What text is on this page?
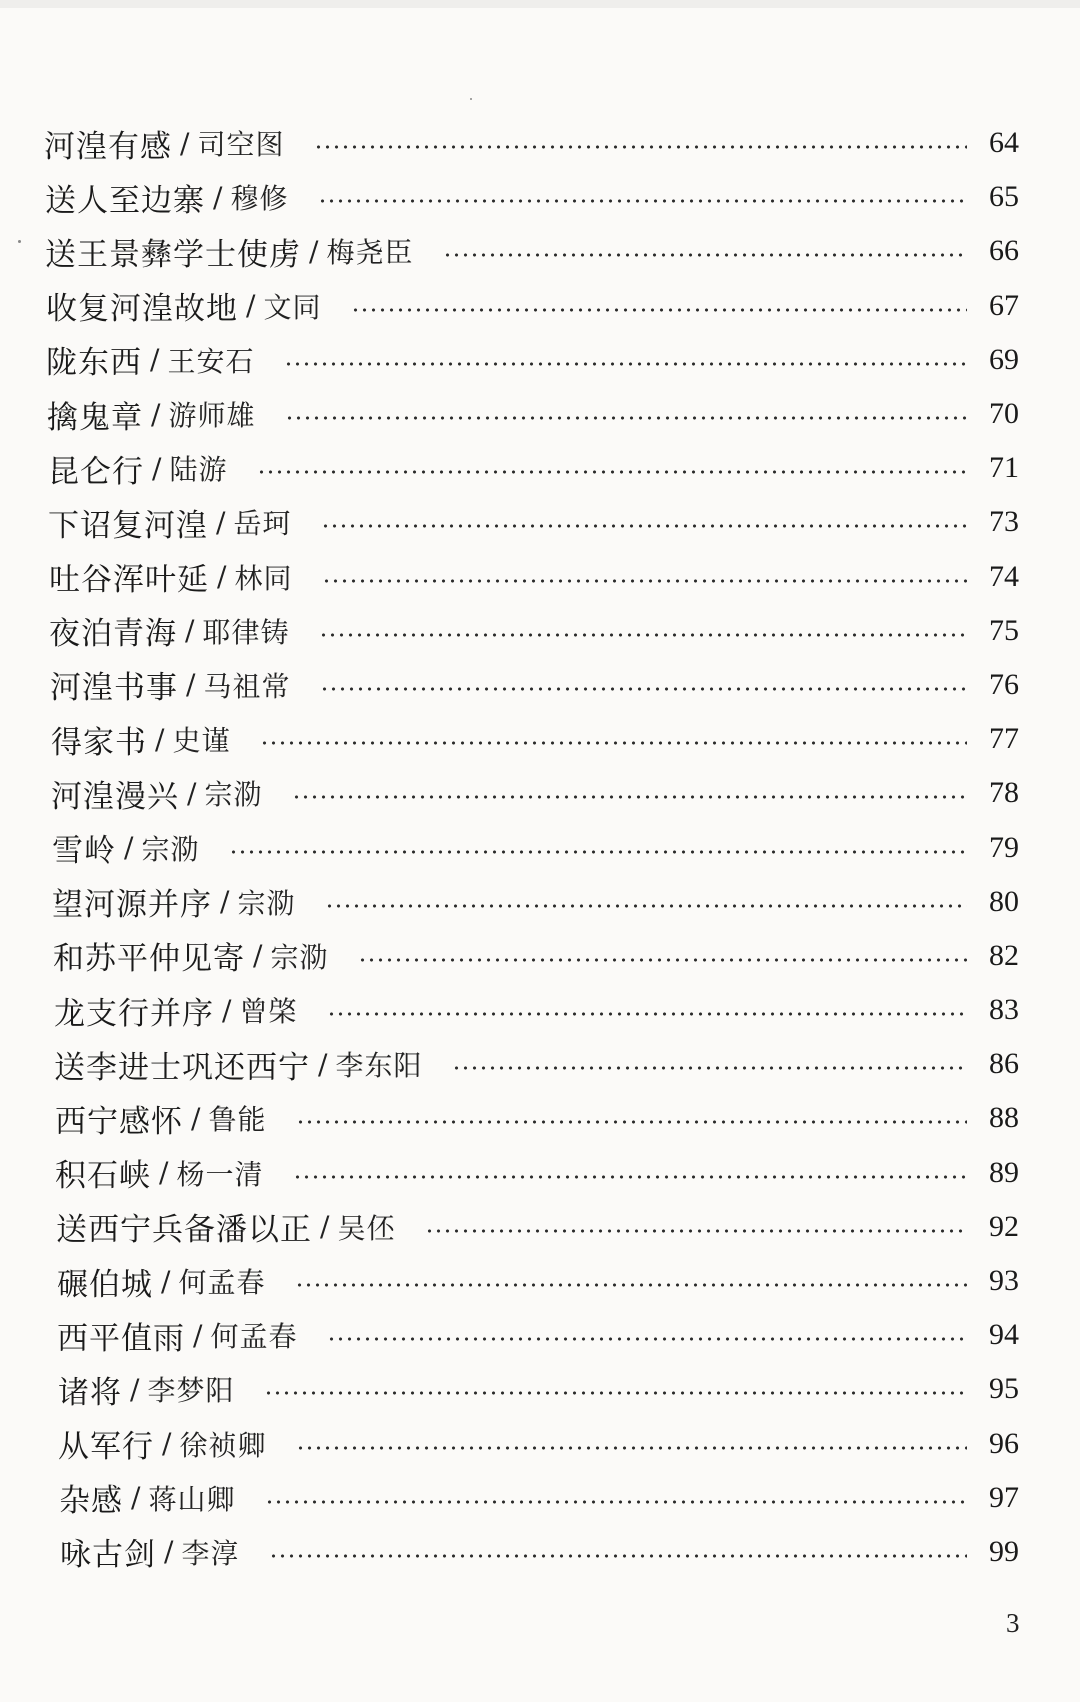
河湟有感 / 司空图	64
送人至边寨 / 穆修	65
送王景彝学士使虏 / 梅尧臣	66
收复河湟故地 / 文同	67
陇东西 / 王安石	69
擒鬼章 / 游师雄	70
昆仑行 / 陆游	71
下诏复河湟 / 岳珂	73
吐谷浑叶延 / 林同	74
夜泊青海 / 耶律铸	75
河湟书事 / 马祖常	76
得家书 / 史谨	77
河湟漫兴 / 宗泐	78
雪岭 / 宗泐	79
望河源并序 / 宗泐	80
和苏平仲见寄 / 宗泐	82
龙支行并序 / 曾棨	83
送李进士巩还西宁 / 李东阳	86
西宁感怀 / 鲁能	88
积石峡 / 杨一清	89
送西宁兵备潘以正 / 吴伾	92
碾伯城 / 何孟春	93
西平值雨 / 何孟春	94
诸将 / 李梦阳	95
从军行 / 徐祯卿	96
杂感 / 蒋山卿	97
咏古剑 / 李淳	99
3
